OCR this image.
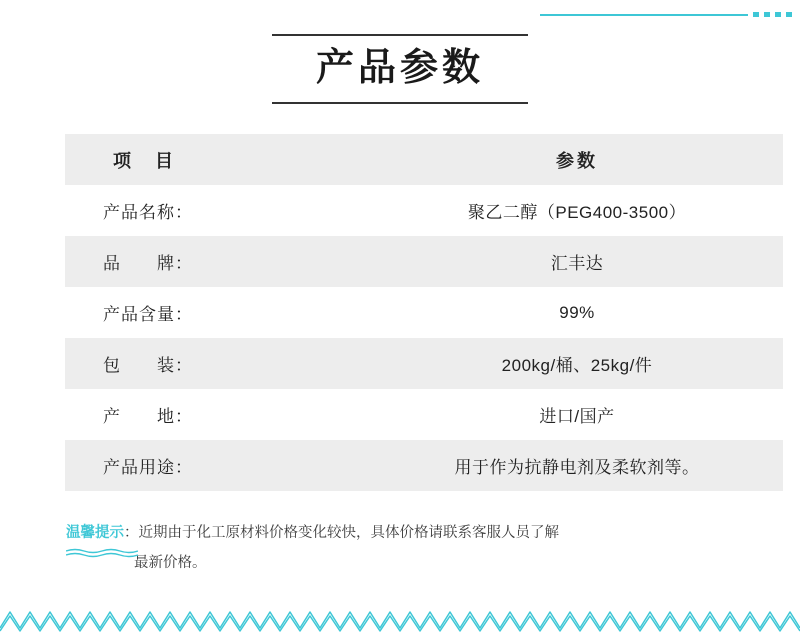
产品参数
项　目	参数
产品名称：	聚乙二醇（PEG400-3500）
品　　牌：	汇丰达
产品含量：	99%
包　　装：	200kg/桶、25kg/件
产　　地：	进口/国产
产品用途：	用于作为抗静电剂及柔软剂等。
温馨提示：近期由于化工原材料价格变化较快，具体价格请联系客服人员了解
最新价格。
